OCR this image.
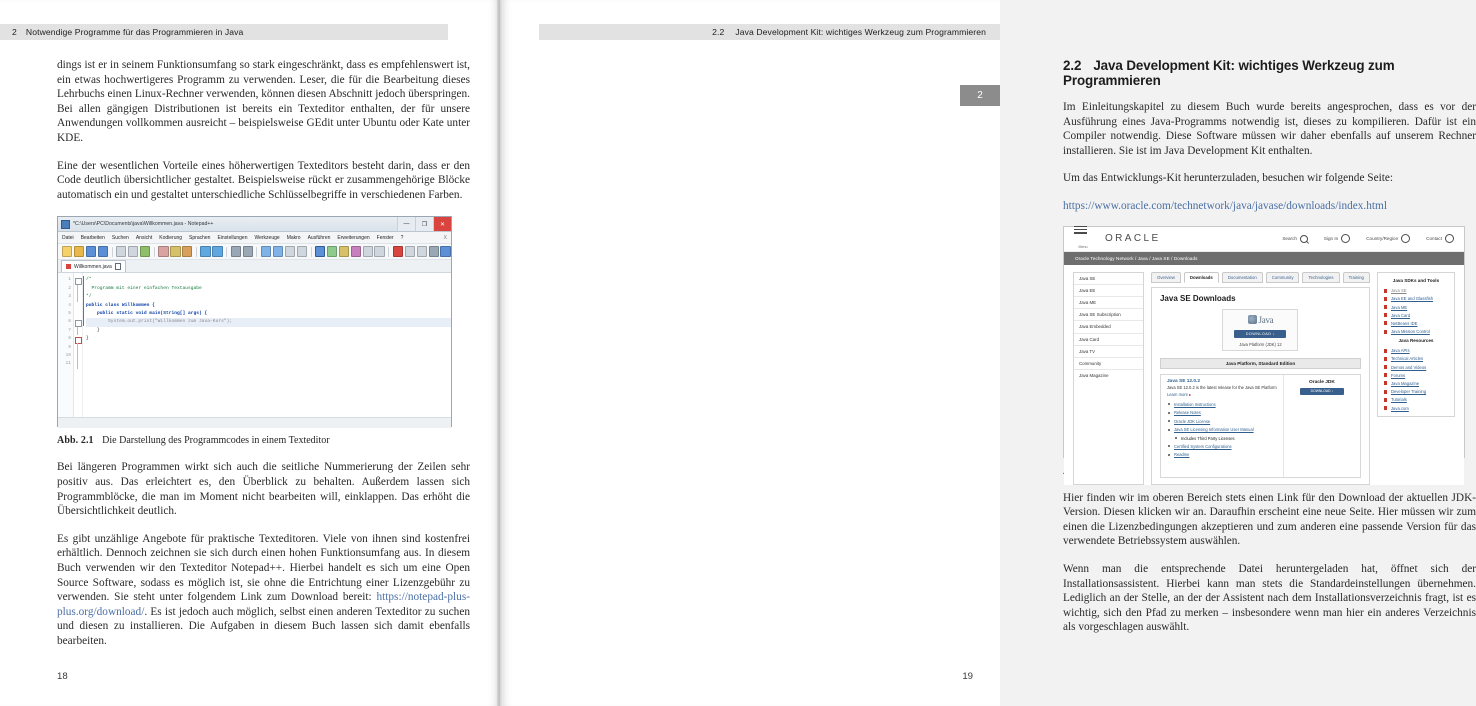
2 Notwendige Programme für das Programmieren in Java

dings ist er in seinem Funktionsumfang so stark eingeschränkt, dass es empfehlenswert ist, ein etwas hochwertigeres Programm zu verwenden. Leser, die für die Bearbeitung dieses Lehrbuchs einen Linux-Rechner verwenden, können diesen Abschnitt jedoch überspringen. Bei allen gängigen Distributionen ist bereits ein Texteditor enthalten, der für unsere Anwendungen vollkommen ausreicht – beispielsweise GEdit unter Ubuntu oder Kate unter KDE.

Eine der wesentlichen Vorteile eines höherwertigen Texteditors besteht darin, dass er den Code deutlich übersichtlicher gestaltet. Beispielsweise rückt er zusammengehörige Blöcke automatisch ein und gestaltet unterschiedliche Schlüsselbegriffe in verschiedenen Farben.

*C:\Users\PC\Documents\java\Willkommen.java - Notepad++	—	❐	✕
Datei Bearbeiten Suchen Ansicht Kodierung Sprachen Einstellungen Werkzeuge Makro Ausführen Erweiterungen Fenster ?	X
Willkommen.java
1
2
3
4
5
6
7
8
9
10
11
/*
Programm mit einer einfachen Textausgabe
*/
public class Willkommen {
public static void main(String[] args) {
System.out.print("Willkommen zum Java-Kurs");
}
}
Abb. 2.1 Die Darstellung des Programmcodes in einem Texteditor

Bei längeren Programmen wirkt sich auch die seitliche Nummerierung der Zeilen sehr positiv aus. Das erleichtert es, den Überblick zu behalten. Außerdem lassen sich Programmblöcke, die man im Moment nicht bearbeiten will, einklappen. Das erhöht die Übersichtlichkeit deutlich.

Es gibt unzählige Angebote für praktische Texteditoren. Viele von ihnen sind kostenfrei erhältlich. Dennoch zeichnen sie sich durch einen hohen Funktionsumfang aus. In diesem Buch verwenden wir den Texteditor Notepad++. Hierbei handelt es sich um eine Open Source Software, sodass es möglich ist, sie ohne die Entrichtung einer Lizenzgebühr zu verwenden. Sie steht unter folgendem Link zum Download bereit: https://notepad-plus-plus.org/download/. Es ist jedoch auch möglich, selbst einen anderen Texteditor zu suchen und diesen zu installieren. Die Aufgaben in diesem Buch lassen sich damit ebenfalls bearbeiten.

18
2.2 Java Development Kit: wichtiges Werkzeug zum Programmieren
2
2.2 Java Development Kit: wichtiges Werkzeug zum Programmieren

Im Einleitungskapitel zu diesem Buch wurde bereits angesprochen, dass es vor der Ausführung eines Java-Programms notwendig ist, dieses zu kompilieren. Dafür ist ein Compiler notwendig. Diese Software müssen wir daher ebenfalls auf unserem Rechner installieren. Sie ist im Java Development Kit enthalten.

Um das Entwicklungs-Kit herunterzuladen, besuchen wir folgende Seite:

https://www.oracle.com/technetwork/java/javase/downloads/index.html
Menu
ORACLE	Search	Sign In	Country/Region	Contact
Oracle Technology Network / Java / Java SE / Downloads
Java SE
Java EE
Java ME
Java SE Subscription
Java Embedded
Java Card
Java TV
Community
Java Magazine
Overview	Downloads	Documentation	Community	Technologies	Training
Java SE Downloads
Java
DOWNLOAD ↓
Java Platform (JDK) 12
Java Platform, Standard Edition
Java SE 12.0.2
Java SE 12.0.2 is the latest release for the Java SE Platform
Learn more ▸
Installation Instructions
Release Notes
Oracle JDK License
Java SE Licensing Information User Manual
Includes Third Party Licenses
Certified System Configurations
Readme
Oracle JDK
DOWNLOAD ↓
Java SDKs and Tools
Java SE
Java EE and Glassfish
Java ME
Java Card
NetBeans IDE
Java Mission Control
Java Resources
Java APIs
Technical Articles
Demos and Videos
Forums
Java Magazine
Developer Training
Tutorials
Java.com

Hier finden wir im oberen Bereich stets einen Link für den Download der aktuellen JDK-Version. Diesen klicken wir an. Daraufhin erscheint eine neue Seite. Hier müssen wir zum einen die Lizenzbedingungen akzeptieren und zum anderen eine passende Version für das verwendete Betriebssystem auswählen.

Wenn man die entsprechende Datei heruntergeladen hat, öffnet sich der Installationsassistent. Hierbei kann man stets die Standardeinstellungen übernehmen. Lediglich an der Stelle, an der der Assistent nach dem Installationsverzeichnis fragt, ist es wichtig, sich den Pfad zu merken – insbesondere wenn man hier ein anderes Verzeichnis als vorgeschlagen auswählt.

19
